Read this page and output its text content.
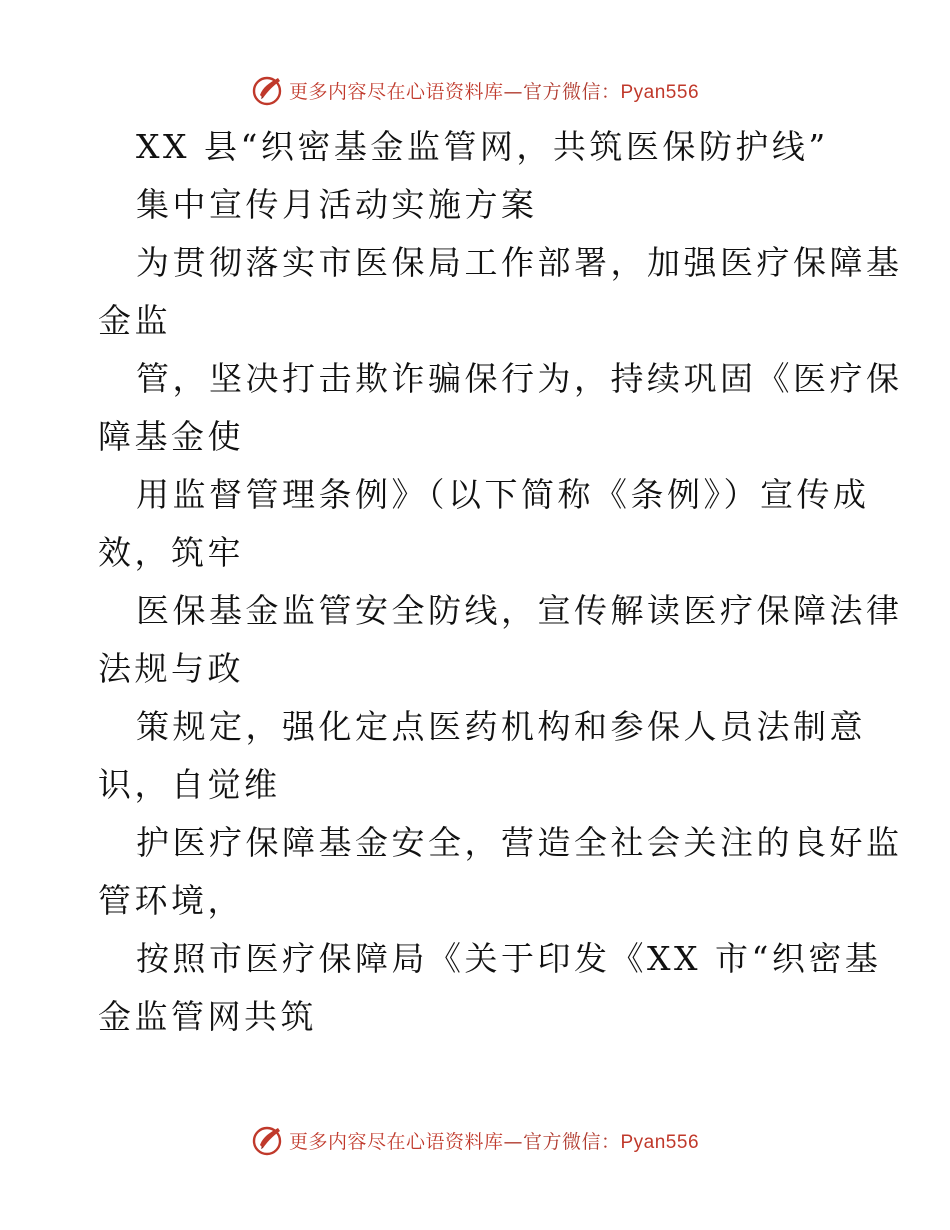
更多内容尽在心语资料库—官方微信：Pyan556
XX 县“织密基金监管网，共筑医保防护线”
集中宣传月活动实施方案
为贯彻落实市医保局工作部署，加强医疗保障基
金监
管，坚决打击欺诈骗保行为，持续巩固《医疗保
障基金使
用监督管理条例》（以下简称《条例》）宣传成
效，筑牢
医保基金监管安全防线，宣传解读医疗保障法律
法规与政
策规定，强化定点医药机构和参保人员法制意
识，自觉维
护医疗保障基金安全，营造全社会关注的良好监
管环境，
按照市医疗保障局《关于印发《XX 市“织密基
金监管网共筑
更多内容尽在心语资料库—官方微信：Pyan556
